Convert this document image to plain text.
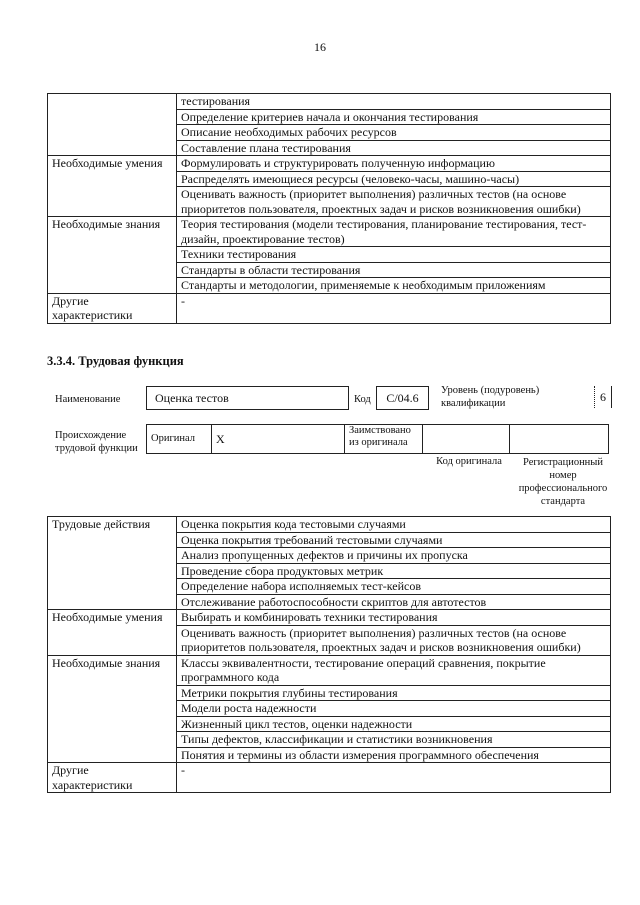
16
	тестирования
	Определение критериев начала и окончания тестирования
	Описание необходимых рабочих ресурсов
	Составление плана тестирования
Необходимые умения	Формулировать и структурировать полученную информацию
	Распределять имеющиеся ресурсы (человеко-часы, машино-часы)
	Оценивать важность (приоритет выполнения) различных тестов (на основе приоритетов пользователя, проектных задач и рисков возникновения ошибки)
Необходимые знания	Теория тестирования (модели тестирования, планирование тестирования, тест-дизайн, проектирование тестов)
	Техники тестирования
	Стандарты в области тестирования
	Стандарты и методологии, применяемые к необходимым приложениям
Другие характеристики	-
3.3.4. Трудовая функция
Наименование	Оценка тестов	Код	C/04.6
Уровень (подуровень) квалификации	6
Происхождение трудовой функции
Оригинал	X	Заимствовано из оригинала		
Код оригинала	Регистрационный номер профессионального стандарта
Трудовые действия	Оценка покрытия кода тестовыми случаями
	Оценка покрытия требований тестовыми случаями
	Анализ пропущенных дефектов и причины их пропуска
	Проведение сбора продуктовых метрик
	Определение набора исполняемых тест-кейсов
	Отслеживание работоспособности скриптов для автотестов
Необходимые умения	Выбирать и комбинировать техники тестирования
	Оценивать важность (приоритет выполнения) различных тестов (на основе приоритетов пользователя, проектных задач и рисков возникновения ошибки)
Необходимые знания	Классы эквивалентности, тестирование операций сравнения, покрытие программного кода
	Метрики покрытия глубины тестирования
	Модели роста надежности
	Жизненный цикл тестов, оценки надежности
	Типы дефектов, классификации и статистики возникновения
	Понятия и термины из области измерения программного обеспечения
Другие характеристики	-
